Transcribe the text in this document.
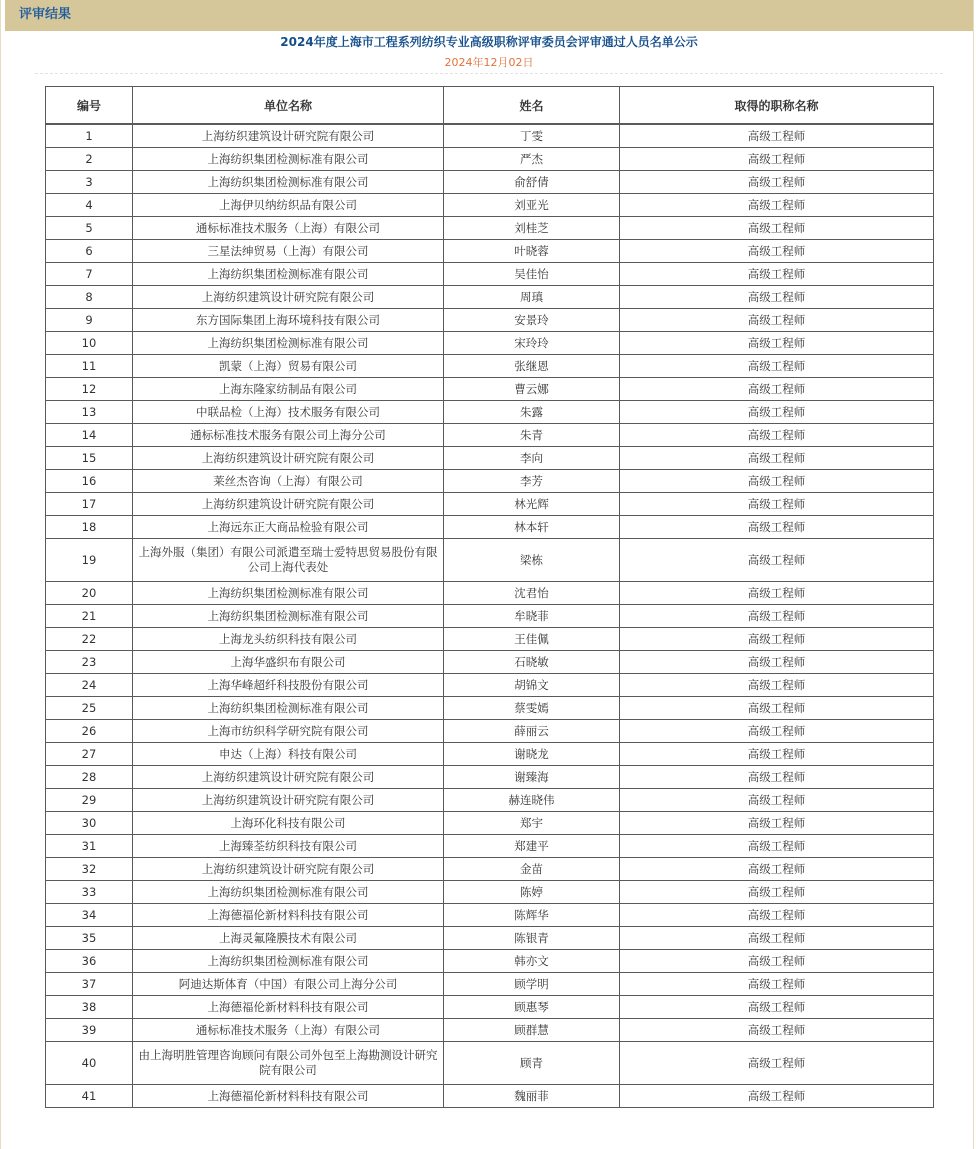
评审结果
2024年度上海市工程系列纺织专业高级职称评审委员会评审通过人员名单公示
2024年12月02日
编号	单位名称	姓名	取得的职称名称
1	上海纺织建筑设计研究院有限公司	丁雯	高级工程师
2	上海纺织集团检测标准有限公司	严杰	高级工程师
3	上海纺织集团检测标准有限公司	俞舒倩	高级工程师
4	上海伊贝纳纺织品有限公司	刘亚光	高级工程师
5	通标标准技术服务（上海）有限公司	刘桂芝	高级工程师
6	三星法绅贸易（上海）有限公司	叶晓蓉	高级工程师
7	上海纺织集团检测标准有限公司	吴佳怡	高级工程师
8	上海纺织建筑设计研究院有限公司	周瑱	高级工程师
9	东方国际集团上海环境科技有限公司	安景玲	高级工程师
10	上海纺织集团检测标准有限公司	宋玲玲	高级工程师
11	凯蒙（上海）贸易有限公司	张继恩	高级工程师
12	上海东隆家纺制品有限公司	曹云娜	高级工程师
13	中联品检（上海）技术服务有限公司	朱露	高级工程师
14	通标标准技术服务有限公司上海分公司	朱青	高级工程师
15	上海纺织建筑设计研究院有限公司	李向	高级工程师
16	莱丝杰咨询（上海）有限公司	李芳	高级工程师
17	上海纺织建筑设计研究院有限公司	林光辉	高级工程师
18	上海远东正大商品检验有限公司	林本轩	高级工程师
19	上海外服（集团）有限公司派遣至瑞士爱特思贸易股份有限公司上海代表处	梁栋	高级工程师
20	上海纺织集团检测标准有限公司	沈君怡	高级工程师
21	上海纺织集团检测标准有限公司	牟晓菲	高级工程师
22	上海龙头纺织科技有限公司	王佳佩	高级工程师
23	上海华盛织布有限公司	石晓敏	高级工程师
24	上海华峰超纤科技股份有限公司	胡锦文	高级工程师
25	上海纺织集团检测标准有限公司	蔡雯嫣	高级工程师
26	上海市纺织科学研究院有限公司	薛丽云	高级工程师
27	申达（上海）科技有限公司	谢晓龙	高级工程师
28	上海纺织建筑设计研究院有限公司	谢臻海	高级工程师
29	上海纺织建筑设计研究院有限公司	赫连晓伟	高级工程师
30	上海环化科技有限公司	郑宇	高级工程师
31	上海臻荃纺织科技有限公司	郑建平	高级工程师
32	上海纺织建筑设计研究院有限公司	金苗	高级工程师
33	上海纺织集团检测标准有限公司	陈婷	高级工程师
34	上海德福伦新材料科技有限公司	陈辉华	高级工程师
35	上海灵氟隆膜技术有限公司	陈银青	高级工程师
36	上海纺织集团检测标准有限公司	韩亦文	高级工程师
37	阿迪达斯体育（中国）有限公司上海分公司	顾学明	高级工程师
38	上海德福伦新材料科技有限公司	顾惠琴	高级工程师
39	通标标准技术服务（上海）有限公司	顾群慧	高级工程师
40	由上海明胜管理咨询顾问有限公司外包至上海勘测设计研究院有限公司	顾青	高级工程师
41	上海德福伦新材料科技有限公司	魏丽菲	高级工程师
